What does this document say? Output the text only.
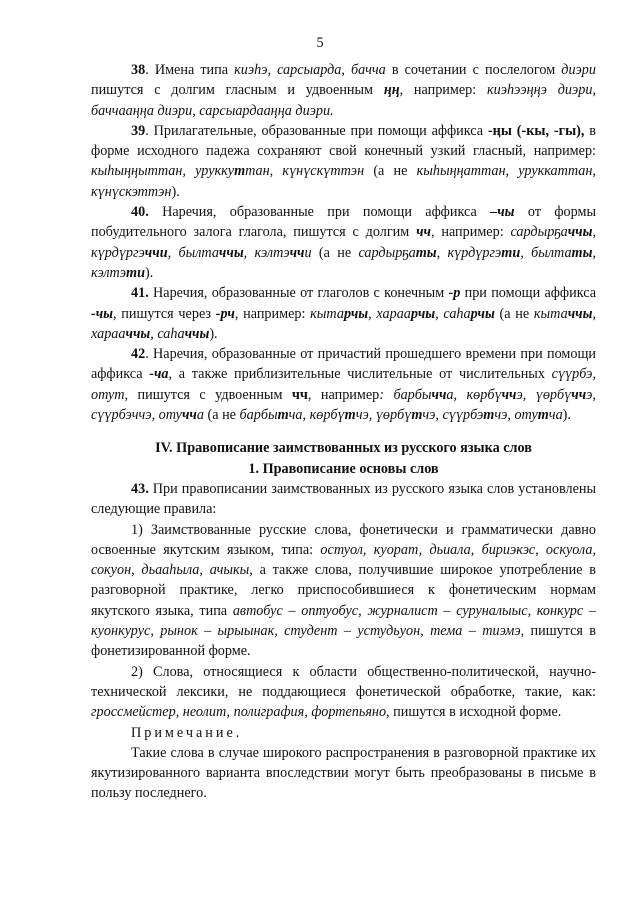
5

38. Имена типа киэһэ, сарсыарда, бачча в сочетании с послелогом диэри пишутся с долгим гласным и удвоенным ңң, например: киэһээңңэ диэри, баччааңңа диэри, сарсыардааңңа диэри.

39. Прилагательные, образованные при помощи аффикса -ңы (-кы, -гы), в форме исходного падежа сохраняют свой конечный узкий гласный, например: кыһыңңыттан, уруккуттан, күнүскүттэн (а не кыһыңңаттан, уруккаттан, күнүскэттэн).

40. Наречия, образованные при помощи аффикса –чы от формы побудительного залога глагола, пишутся с долгим чч, например: сардырҕаччы, күрдүргэччи, былтаччы, кэлтэччи (а не сардырҕаты, күрдүргэти, былтаты, кэлтэти).

41. Наречия, образованные от глаголов с конечным -р при помощи аффикса -чы, пишутся через -рч, например: кытарчы, хараарчы, саһарчы (а не кытаччы, харааччы, саһаччы).

42. Наречия, образованные от причастий прошедшего времени при помощи аффикса -ча, а также приблизительные числительные от числительных сүүрбэ, отут, пишутся с удвоенным чч, например: барбычча, көрбүччэ, үөрбүччэ, сүүрбэччэ, отучча (а не барбытча, көрбүтчэ, үөрбүтчэ, сүүрбэтчэ, отутча).

IV. Правописание заимствованных из русского языка слов

1. Правописание основы слов

43. При правописании заимствованных из русского языка слов установлены следующие правила:

1) Заимствованные русские слова, фонетически и грамматически давно освоенные якутским языком, типа: остуол, куорат, дьиала, бириэкэс, оскуола, сокуон, дьааһыла, ачыкы, а также слова, получившие широкое употребление в разговорной практике, легко приспособившиеся к фонетическим нормам якутского языка, типа автобус – оптуобус, журналист – суруналыыс, конкурс – куонкурус, рынок – ырыынак, студент – устудьуон, тема – тиэмэ, пишутся в фонетизированной форме.

2) Слова, относящиеся к области общественно-политической, научно-технической лексики, не поддающиеся фонетической обработке, такие, как: гроссмейстер, неолит, полиграфия, фортепьяно, пишутся в исходной форме.

Примечание.

Такие слова в случае широкого распространения в разговорной практике их якутизированного варианта впоследствии могут быть преобразованы в письме в пользу последнего.
